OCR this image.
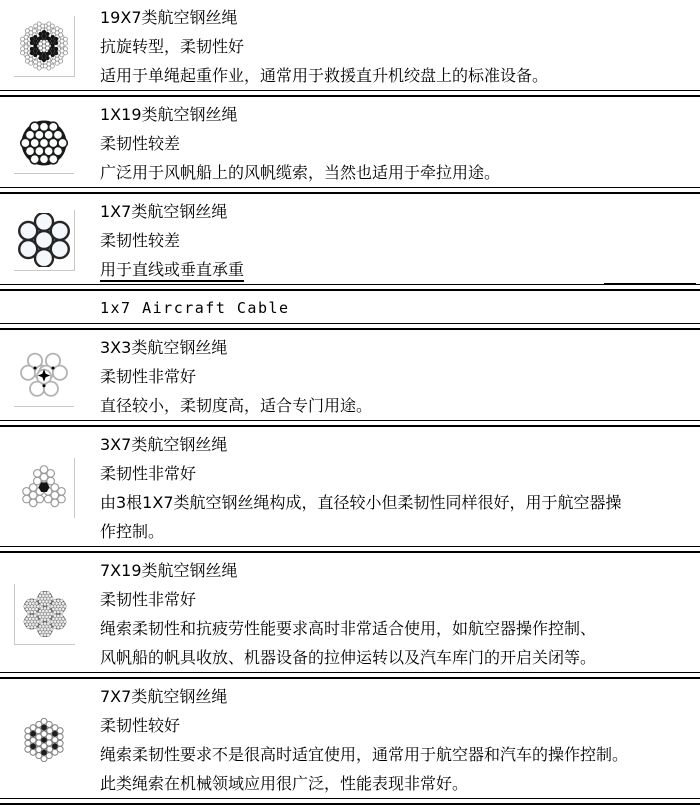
19X7类航空钢丝绳
抗旋转型，柔韧性好
适用于单绳起重作业，通常用于救援直升机绞盘上的标准设备。
1X19类航空钢丝绳
柔韧性较差
广泛用于风帆船上的风帆缆索，当然也适用于牵拉用途。
1X7类航空钢丝绳
柔韧性较差
用于直线或垂直承重
1x7 Aircraft Cable
3X3类航空钢丝绳
柔韧性非常好
直径较小，柔韧度高，适合专门用途。
3X7类航空钢丝绳
柔韧性非常好
由3根1X7类航空钢丝绳构成，直径较小但柔韧性同样很好，用于航空器操
作控制。
7X19类航空钢丝绳
柔韧性非常好
绳索柔韧性和抗疲劳性能要求高时非常适合使用，如航空器操作控制、
风帆船的帆具收放、机器设备的拉伸运转以及汽车库门的开启关闭等。
7X7类航空钢丝绳
柔韧性较好
绳索柔韧性要求不是很高时适宜使用，通常用于航空器和汽车的操作控制。
此类绳索在机械领域应用很广泛，性能表现非常好。
